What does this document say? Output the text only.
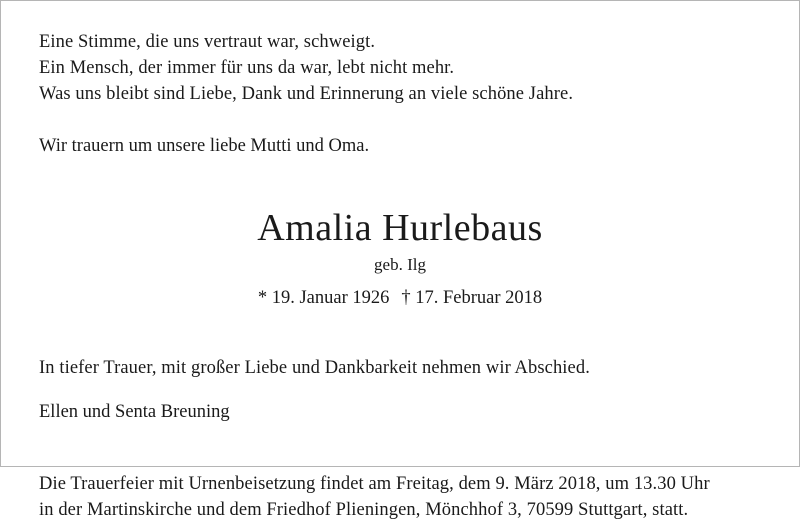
Eine Stimme, die uns vertraut war, schweigt.
Ein Mensch, der immer für uns da war, lebt nicht mehr.
Was uns bleibt sind Liebe, Dank und Erinnerung an viele schöne Jahre.
Wir trauern um unsere liebe Mutti und Oma.
Amalia Hurlebaus
geb. Ilg
* 19. Januar 1926 † 17. Februar 2018
In tiefer Trauer, mit großer Liebe und Dankbarkeit nehmen wir Abschied.
Ellen und Senta Breuning
Die Trauerfeier mit Urnenbeisetzung findet am Freitag, dem 9. März 2018, um 13.30 Uhr
in der Martinskirche und dem Friedhof Plieningen, Mönchhof 3, 70599 Stuttgart, statt.
